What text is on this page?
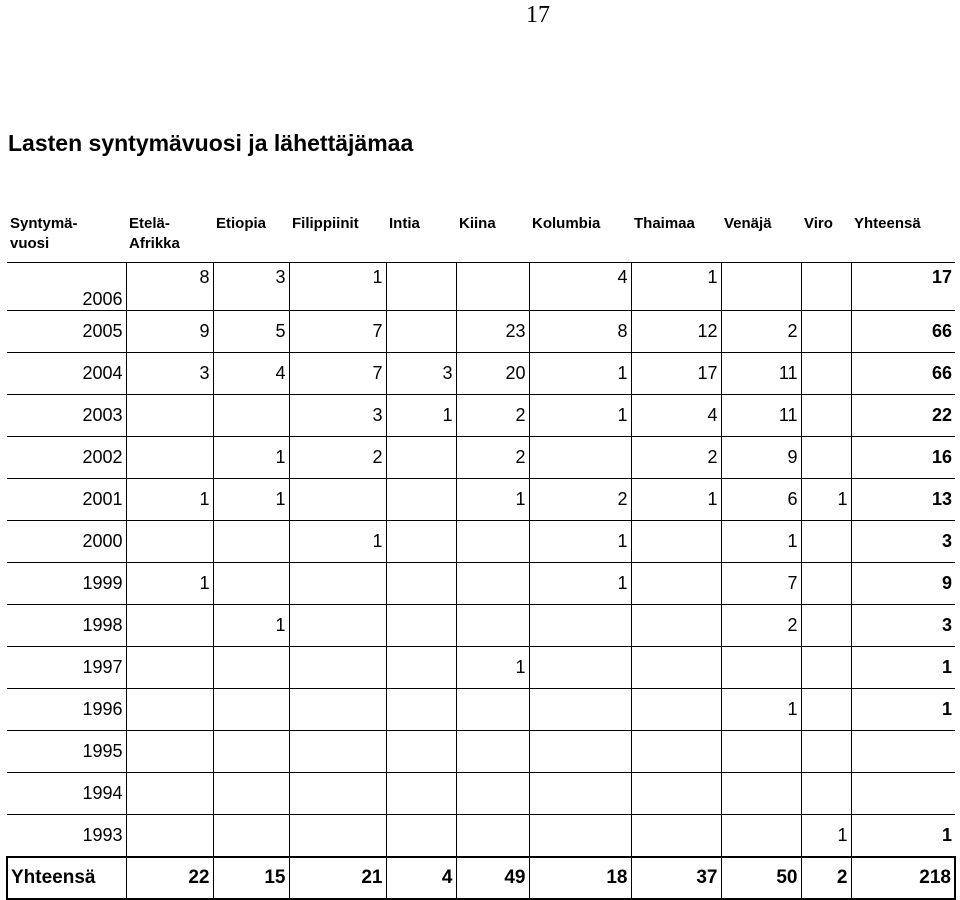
17
Lasten syntymävuosi ja lähettäjämaa
Syntymä-
vuosi	Etelä-
Afrikka	Etiopia	Filippiinit	Intia	Kiina	Kolumbia	Thaimaa	Venäjä	Viro	Yhteensä
2006	8	3	1			4	1			17
2005	9	5	7		23	8	12	2		66
2004	3	4	7	3	20	1	17	11		66
2003			3	1	2	1	4	11		22
2002		1	2		2		2	9		16
2001	1	1			1	2	1	6	1	13
2000			1			1		1		3
1999	1					1		7		9
1998		1						2		3
1997					1					1
1996								1		1
1995										
1994										
1993									1	1
Yhteensä	22	15	21	4	49	18	37	50	2	218
